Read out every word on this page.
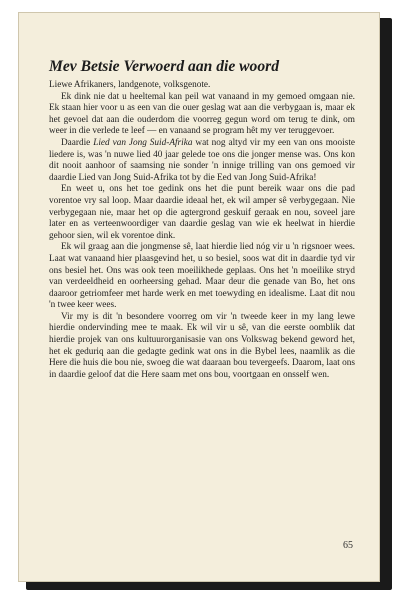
Mev Betsie Verwoerd aan die woord

Liewe Afrikaners, landgenote, volksgenote.

Ek dink nie dat u heeltemal kan peil wat vanaand in my gemoed omgaan nie. Ek staan hier voor u as een van die ouer geslag wat aan die verbygaan is, maar ek het gevoel dat aan die ouderdom die voorreg gegun word om terug te dink, om weer in die verlede te leef — en vanaand se program hêt my ver teruggevoer.

Daardie Lied van Jong Suid-Afrika wat nog altyd vir my een van ons mooiste liedere is, was 'n nuwe lied 40 jaar gelede toe ons die jonger mense was. Ons kon dit nooit aanhoor of saamsing nie sonder 'n innige trilling van ons gemoed vir daardie Lied van Jong Suid-Afrika tot by die Eed van Jong Suid-Afrika!

En weet u, ons het toe gedink ons het die punt bereik waar ons die pad vorentoe vry sal loop. Maar daardie ideaal het, ek wil amper sê verbygegaan. Nie verbygegaan nie, maar het op die agtergrond geskuif geraak en nou, soveel jare later en as verteenwoordiger van daardie geslag van wie ek heelwat in hierdie gehoor sien, wil ek vorentoe dink.

Ek wil graag aan die jongmense sê, laat hierdie lied nóg vir u 'n rigsnoer wees. Laat wat vanaand hier plaasgevind het, u so besiel, soos wat dit in daardie tyd vir ons besiel het. Ons was ook teen moeilikhede geplaas. Ons het 'n moeilike stryd van verdeeldheid en oorheersing gehad. Maar deur die genade van Bo, het ons daaroor getriomfeer met harde werk en met toewyding en idealisme. Laat dit nou 'n twee keer wees.

Vir my is dit 'n besondere voorreg om vir 'n tweede keer in my lang lewe hierdie ondervinding mee te maak. Ek wil vir u sê, van die eerste oomblik dat hierdie projek van ons kultuurorganisasie van ons Volkswag bekend geword het, het ek geduriq aan die gedagte gedink wat ons in die Bybel lees, naamlik as die Here die huis die bou nie, swoeg die wat daaraan bou tevergeefs. Daarom, laat ons in daardie geloof dat die Here saam met ons bou, voortgaan en onsself wen.

65
